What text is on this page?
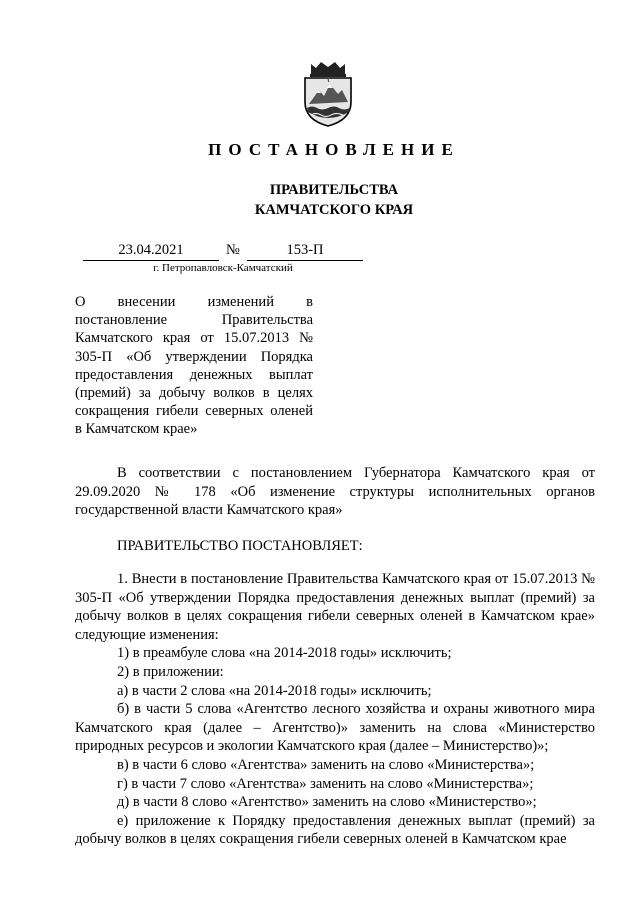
ПОСТАНОВЛЕНИЕ
ПРАВИТЕЛЬСТВА
КАМЧАТСКОГО КРАЯ
23.04.2021	№	153-П
г. Петропавловск-Камчатский
О внесении изменений в постановление Правительства Камчатского края от 15.07.2013 № 305-П «Об утверждении Порядка предоставления денежных выплат (премий) за добычу волков в целях сокращения гибели северных оленей в Камчатском крае»

В соответствии с постановлением Губернатора Камчатского края от 29.09.2020 № 178 «Об изменение структуры исполнительных органов государственной власти Камчатского края»

ПРАВИТЕЛЬСТВО ПОСТАНОВЛЯЕТ:

1. Внести в постановление Правительства Камчатского края от 15.07.2013 № 305-П «Об утверждении Порядка предоставления денежных выплат (премий) за добычу волков в целях сокращения гибели северных оленей в Камчатском крае» следующие изменения:

1) в преамбуле слова «на 2014-2018 годы» исключить;

2) в приложении:

а) в части 2 слова «на 2014-2018 годы» исключить;

б) в части 5 слова «Агентство лесного хозяйства и охраны животного мира Камчатского края (далее – Агентство)» заменить на слова «Министерство природных ресурсов и экологии Камчатского края (далее – Министерство)»;

в) в части 6 слово «Агентства» заменить на слово «Министерства»;

г) в части 7 слово «Агентства» заменить на слово «Министерства»;

д) в части 8 слово «Агентство» заменить на слово «Министерство»;

е) приложение к Порядку предоставления денежных выплат (премий) за добычу волков в целях сокращения гибели северных оленей в Камчатском крае
